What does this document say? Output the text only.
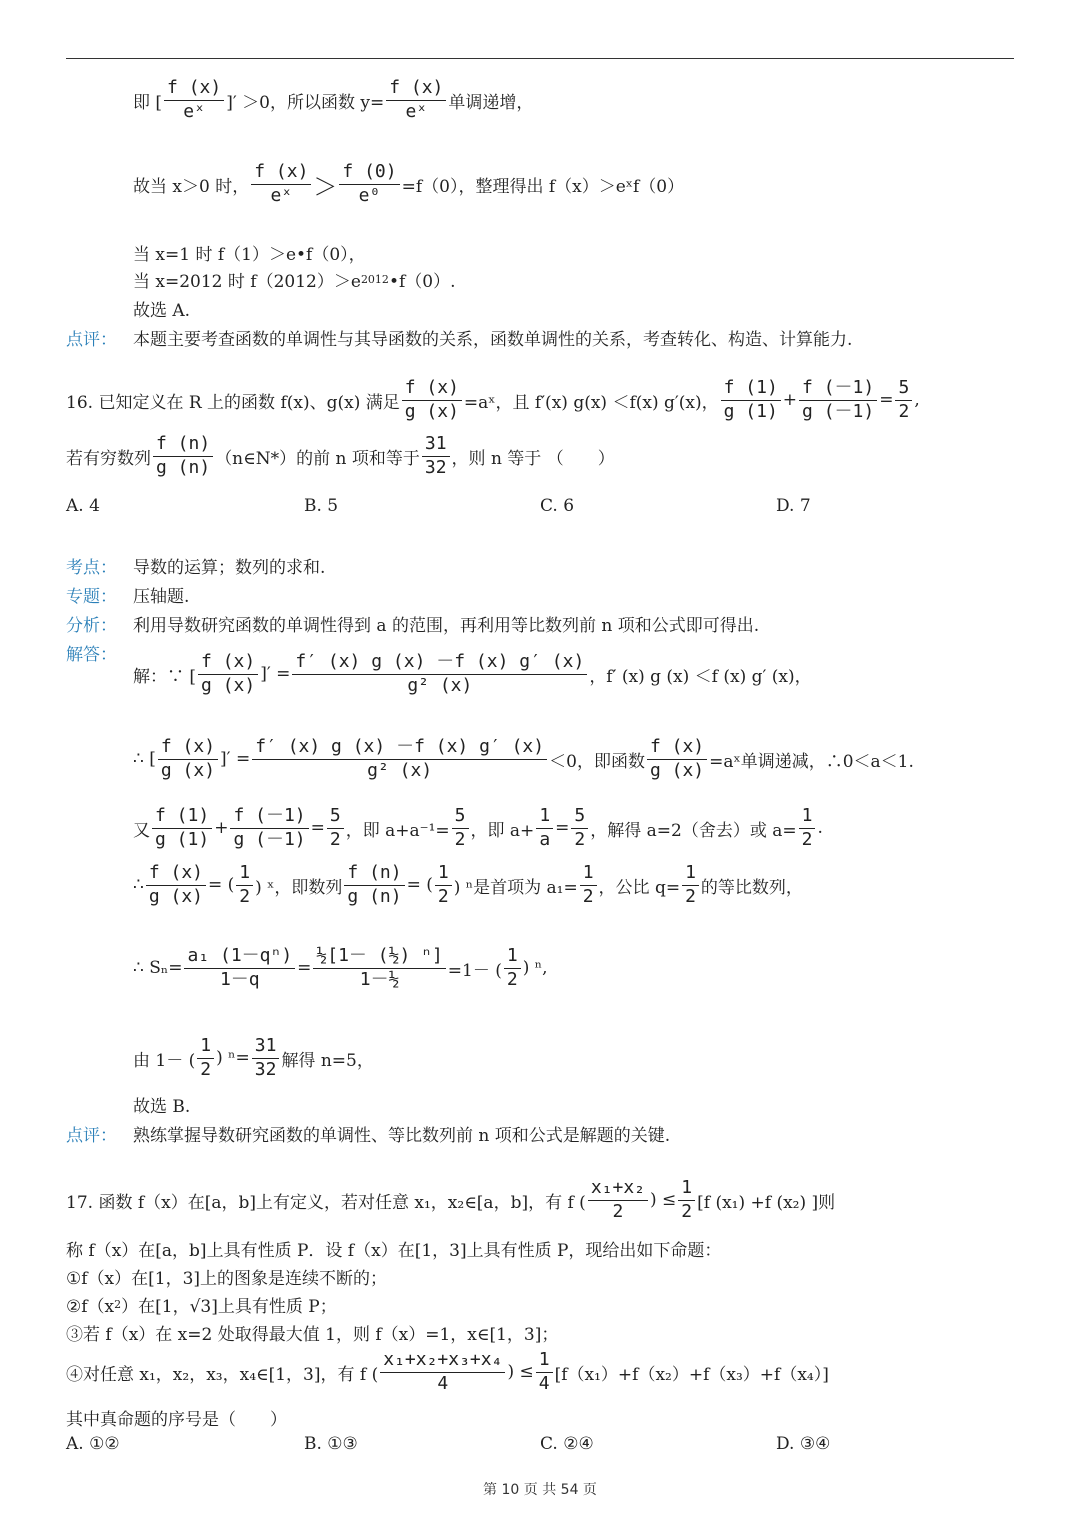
即 [ $\frac{f (x)}{\text{eˣ}}$ ]′ ＞0，所以函数 $y= \frac{f (x)}{\text{eˣ}}$ 单调递增，
故当 x＞0 时， $\frac{f (x)}{\text{eˣ}} > \frac{f (0)}{\text{e⁰}} =f(0)$，整理得出 f（x）＞eˣf（0）
当 x=1 时 f（1）＞e•f（0），
当 x=2012 时 f（2012）＞e 2012 •f（0）.
故选 A.
点评： 本题主要考查函数的单调性与其导函数的关系，函数单调性的关系，考查转化、构造、计算能力.
16. 已知定义在 R 上的函数 f(x)、g(x) 满足 $\frac{f (x)}{g (x)}$ =aˣ，且 f′(x) g(x) ＜f(x) g′(x)， $\frac{f (1)}{g (1)} + \frac{f (-1)}{g (-1)} = \frac{5}{2}$ ,
若有穷数列 $\frac{f (n)}{g (n)}$ （n∈N*）的前 n 项和等于 $\frac{31}{32}$ ，则 n 等于 （　　）
A. 4	B. 5	C. 6	D. 7
考点： 导数的运算；数列的求和.
专题： 压轴题.
分析： 利用导数研究函数的单调性得到 a 的范围，再利用等比数列前 n 项和公式即可得出.
解答：
解：∵ [ $\frac{f (x)}{g (x)}$ ]′ = $\frac{f' (x) g (x) -f (x) g' (x)}{\text{g² (x)}}$ ，f′ (x) g (x) ＜f (x) g′ (x)，
∴ [ $\frac{f (x)}{g (x)}$ ]′ = $\frac{f' (x) g (x) -f (x) g' (x)}{\text{g² (x)}} <0$，即函数 $\frac{f (x)}{g (x)}$ =aˣ单调递减，∴0＜a＜1.
又 $\frac{f (1)}{g (1)} + \frac{f (-1)}{g (-1)} = \frac{5}{2}$ ，即 $a+a^{-1}= \frac{5}{2}$ ，即 $a+ \frac{1}{a} = \frac{5}{2}$ ，解得 a=2（舍去）或 $a= \frac{1}{2}$ .
∴ $\frac{f (x)}{g (x)}$ = ( $\frac{1}{2}$ ) ˣ，即数列 $\frac{f (n)}{g (n)}$ = ( $\frac{1}{2}$ ) ⁿ是首项为 $a_1= \frac{1}{2}$ ，公比 $q= \frac{1}{2}$ 的等比数列，
∴ $S_n= \frac{\text{a₁ (1－qⁿ)}}{1-q} = \frac{\text{½[1－ (½) ⁿ]}}{\text{1－½}} =1-$ ( $\frac{1}{2}$ ) ⁿ,
由 1－ ( $\frac{1}{2}$ ) $^n= \frac{31}{32}$ 解得 n=5，
故选 B.
点评： 熟练掌握导数研究函数的单调性、等比数列前 n 项和公式是解题的关键.
17. 函数 f（x）在[a，b]上有定义，若对任意 x₁，x₂∈[a，b]，有 f ( $\frac{\text{x₁+x₂}}{2}$ ) ≤ $\frac{1}{2} [f$ (x₁) +f (x₂) ]则
称 f（x）在[a，b]上具有性质 P．设 f（x）在[1，3]上具有性质 P，现给出如下命题：
①f（x）在[1，3]上的图象是连续不断的；
②f（x 2 ）在[1，√3]上具有性质 P；
③若 f（x）在 x=2 处取得最大值 1，则 f（x）=1，x∈[1，3]；
④对任意 x₁，x₂，x₃，x₄∈[1，3]，有 f ( $\frac{\text{x₁+x₂+x₃+x₄}}{4}$ ) ≤ $\frac{1}{4} [f(x_1)+f(x_2)+f(x_3)+f(x_4)]$
其中真命题的序号是（　　）
A. ①②	B. ①③	C. ②④	D. ③④
第 10 页 共 54 页
